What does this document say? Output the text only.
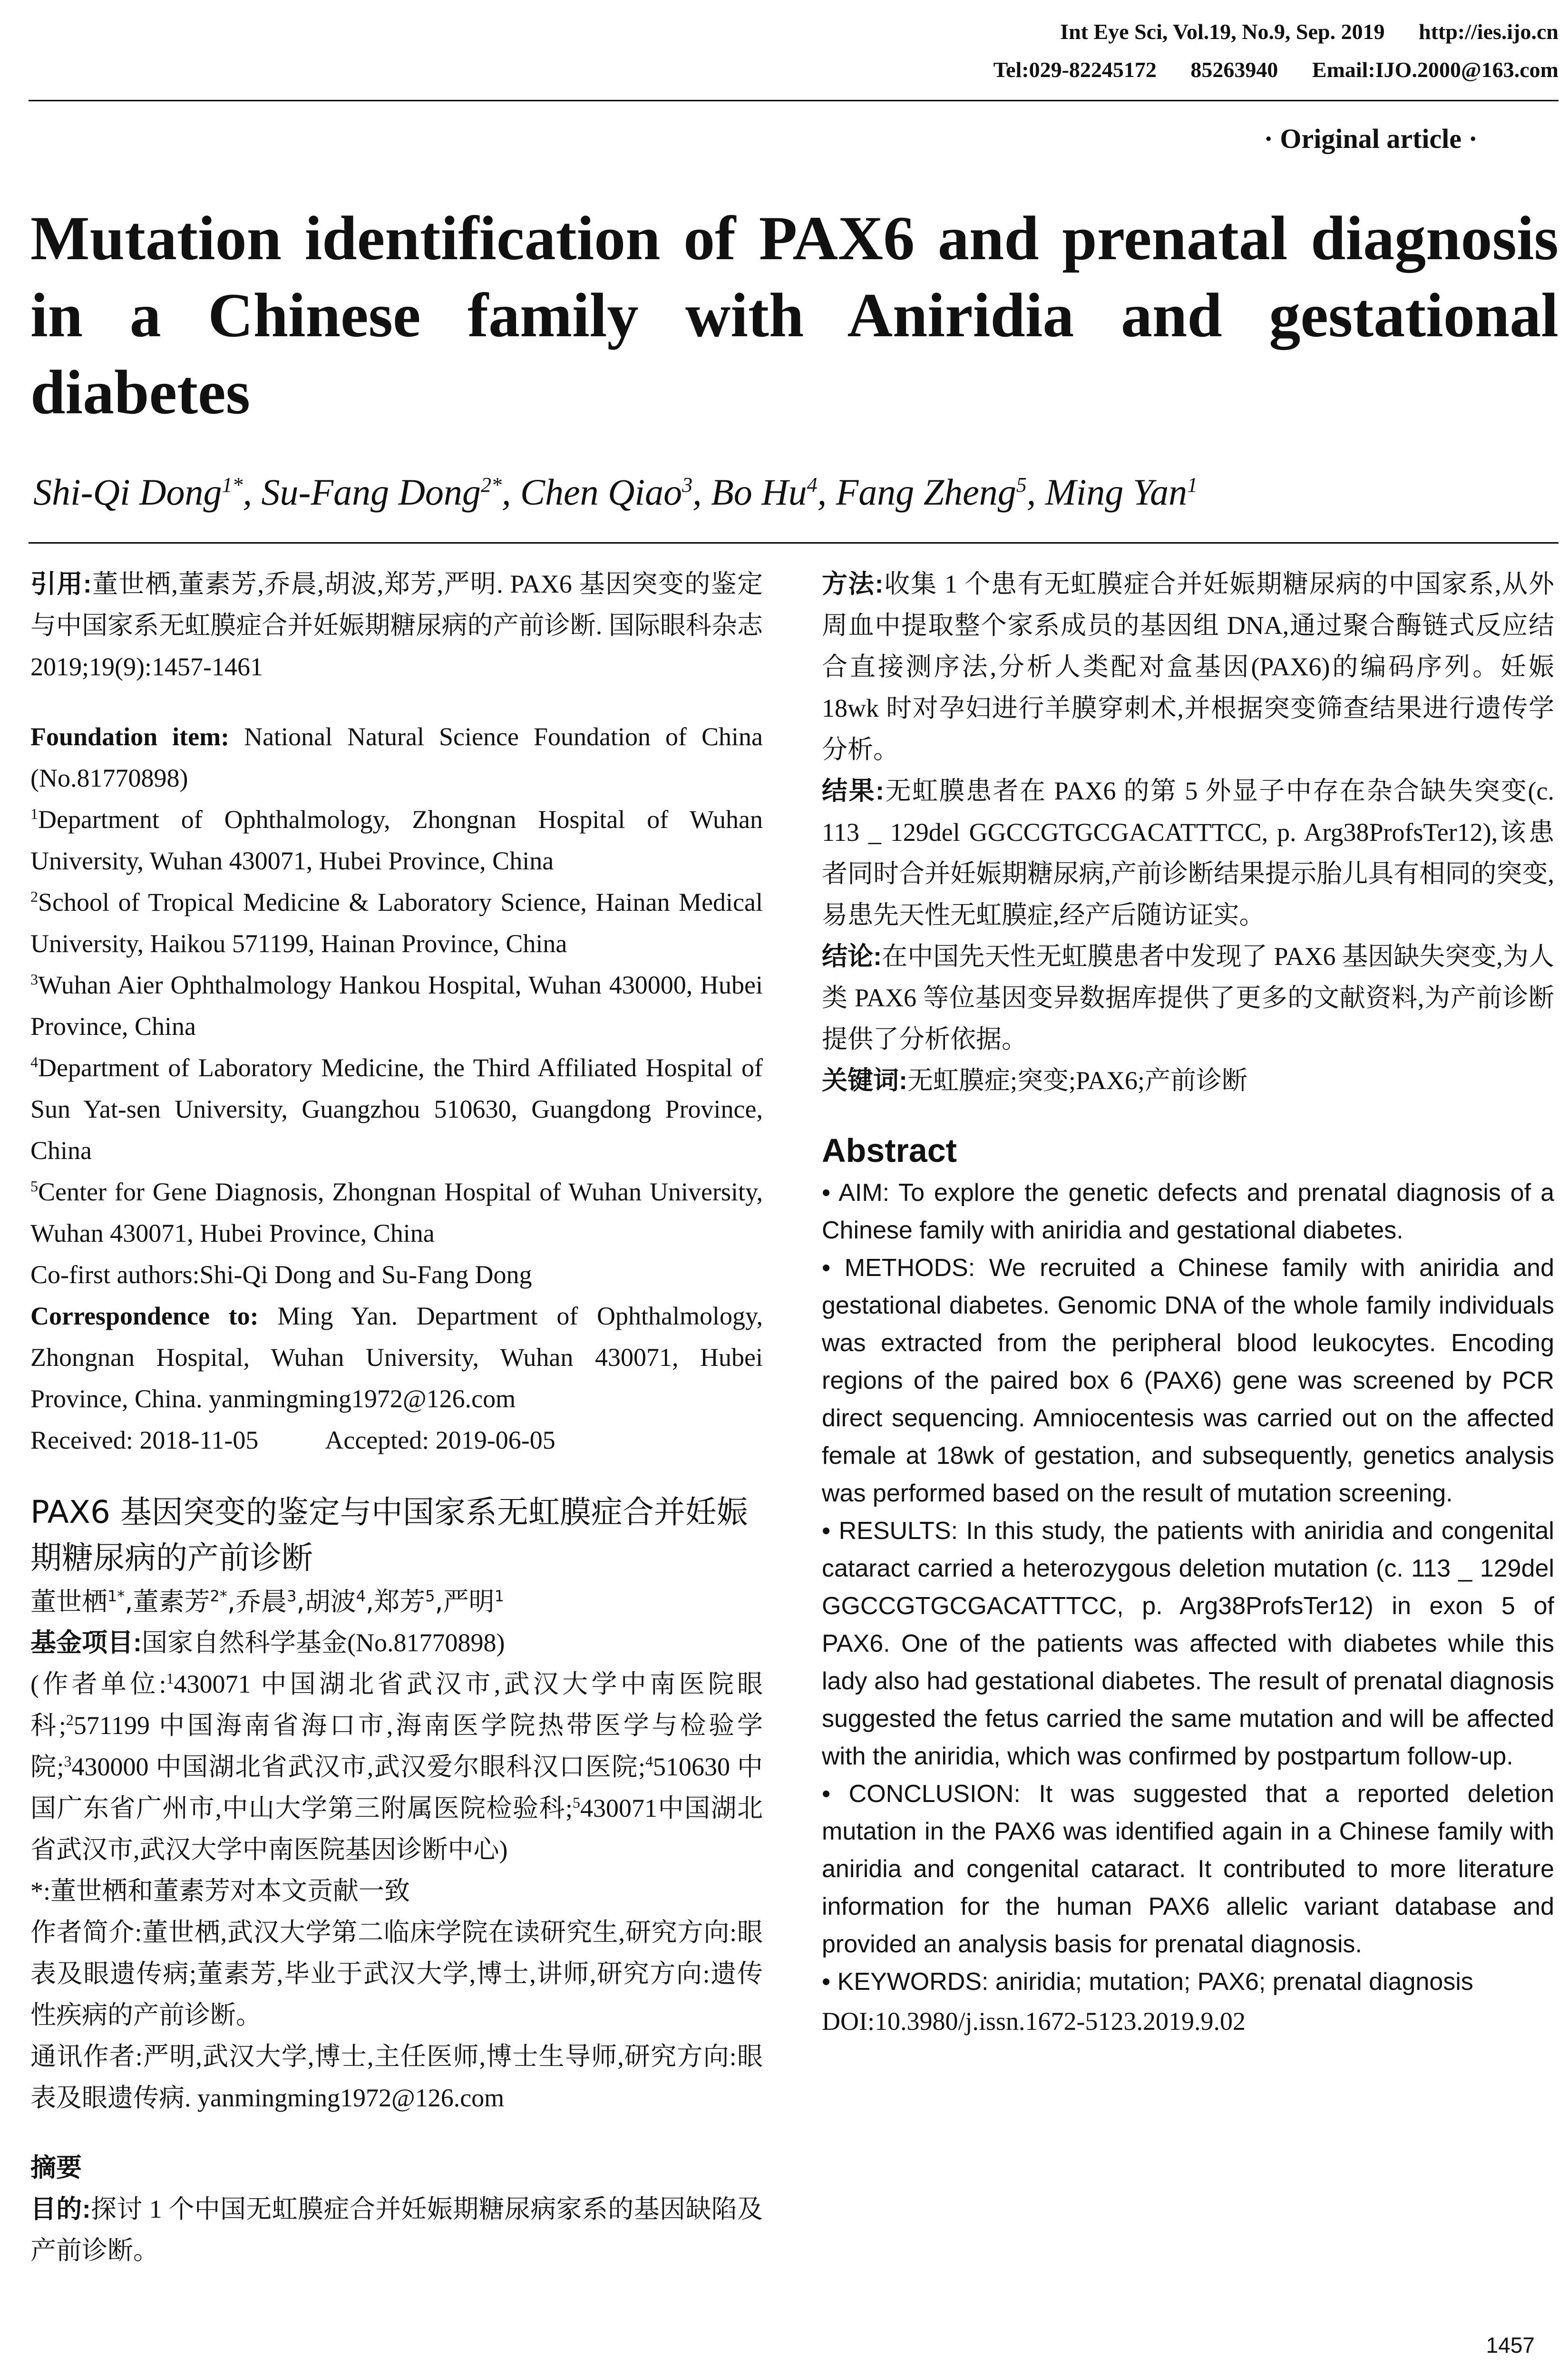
Int Eye Sci, Vol.19, No.9, Sep. 2019 http://ies.ijo.cn
Tel:029-82245172 85263940 Email:IJO.2000@163.com
· Original article ·
Mutation identification of PAX6 and prenatal diagnosis in a Chinese family with Aniridia and gestational diabetes
Shi-Qi Dong$^{1*}$, Su-Fang Dong$^{2*}$, Chen Qiao$^3$, Bo Hu$^4$, Fang Zheng$^5$, Ming Yan$^1$

引用:董世栖,董素芳,乔晨,胡波,郑芳,严明. PAX6 基因突变的鉴定与中国家系无虹膜症合并妊娠期糖尿病的产前诊断. 国际眼科杂志 2019;19(9):1457-1461

Foundation item: National Natural Science Foundation of China (No.81770898)

$^1$Department of Ophthalmology, Zhongnan Hospital of Wuhan University, Wuhan 430071, Hubei Province, China

$^2$School of Tropical Medicine & Laboratory Science, Hainan Medical University, Haikou 571199, Hainan Province, China

$^3$Wuhan Aier Ophthalmology Hankou Hospital, Wuhan 430000, Hubei Province, China

$^4$Department of Laboratory Medicine, the Third Affiliated Hospital of Sun Yat-sen University, Guangzhou 510630, Guangdong Province, China

$^5$Center for Gene Diagnosis, Zhongnan Hospital of Wuhan University, Wuhan 430071, Hubei Province, China

Co-first authors:Shi-Qi Dong and Su-Fang Dong

Correspondence to: Ming Yan. Department of Ophthalmology, Zhongnan Hospital, Wuhan University, Wuhan 430071, Hubei Province, China. yanmingming1972@126.com

Received: 2018-11-05	Accepted: 2019-06-05

PAX6 基因突变的鉴定与中国家系无虹膜症合并妊娠期糖尿病的产前诊断

董世栖$^{1*}$,董素芳$^{2*}$,乔晨$^3$,胡波$^4$,郑芳$^5$,严明$^1$

基金项目:国家自然科学基金(No.81770898)

(作者单位:$^1$430071 中国湖北省武汉市,武汉大学中南医院眼科;$^2$571199 中国海南省海口市,海南医学院热带医学与检验学院;$^3$430000 中国湖北省武汉市,武汉爱尔眼科汉口医院;$^4$510630 中国广东省广州市,中山大学第三附属医院检验科;$^5$430071中国湖北省武汉市,武汉大学中南医院基因诊断中心)

*:董世栖和董素芳对本文贡献一致

作者简介:董世栖,武汉大学第二临床学院在读研究生,研究方向:眼表及眼遗传病;董素芳,毕业于武汉大学,博士,讲师,研究方向:遗传性疾病的产前诊断。

通讯作者:严明,武汉大学,博士,主任医师,博士生导师,研究方向:眼表及眼遗传病. yanmingming1972@126.com

摘要

目的:探讨 1 个中国无虹膜症合并妊娠期糖尿病家系的基因缺陷及产前诊断。

方法:收集 1 个患有无虹膜症合并妊娠期糖尿病的中国家系,从外周血中提取整个家系成员的基因组 DNA,通过聚合酶链式反应结合直接测序法,分析人类配对盒基因(PAX6)的编码序列。妊娠 18wk 时对孕妇进行羊膜穿刺术,并根据突变筛查结果进行遗传学分析。

结果:无虹膜患者在 PAX6 的第 5 外显子中存在杂合缺失突变(c. 113 _ 129del GGCCGTGCGACATTTCC, p. Arg38ProfsTer12),该患者同时合并妊娠期糖尿病,产前诊断结果提示胎儿具有相同的突变,易患先天性无虹膜症,经产后随访证实。

结论:在中国先天性无虹膜患者中发现了 PAX6 基因缺失突变,为人类 PAX6 等位基因变异数据库提供了更多的文献资料,为产前诊断提供了分析依据。

关键词:无虹膜症;突变;PAX6;产前诊断

Abstract

• AIM: To explore the genetic defects and prenatal diagnosis of a Chinese family with aniridia and gestational diabetes.

• METHODS: We recruited a Chinese family with aniridia and gestational diabetes. Genomic DNA of the whole family individuals was extracted from the peripheral blood leukocytes. Encoding regions of the paired box 6 (PAX6) gene was screened by PCR direct sequencing. Amniocentesis was carried out on the affected female at 18wk of gestation, and subsequently, genetics analysis was performed based on the result of mutation screening.

• RESULTS: In this study, the patients with aniridia and congenital cataract carried a heterozygous deletion mutation (c. 113 _ 129del GGCCGTGCGACATTTCC, p. Arg38ProfsTer12) in exon 5 of PAX6. One of the patients was affected with diabetes while this lady also had gestational diabetes. The result of prenatal diagnosis suggested the fetus carried the same mutation and will be affected with the aniridia, which was confirmed by postpartum follow-up.

• CONCLUSION: It was suggested that a reported deletion mutation in the PAX6 was identified again in a Chinese family with aniridia and congenital cataract. It contributed to more literature information for the human PAX6 allelic variant database and provided an analysis basis for prenatal diagnosis.

• KEYWORDS: aniridia; mutation; PAX6; prenatal diagnosis

DOI:10.3980/j.issn.1672-5123.2019.9.02

1457
